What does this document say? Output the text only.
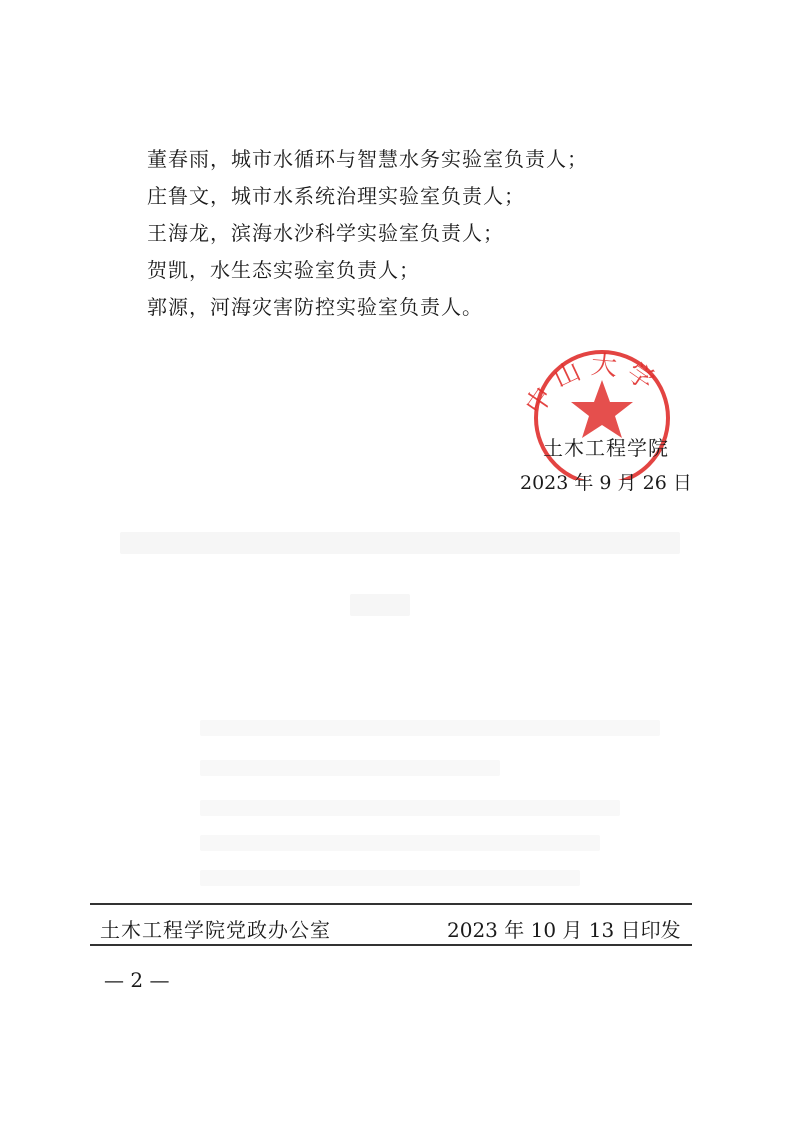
董春雨，城市水循环与智慧水务实验室负责人；
庄鲁文，城市水系统治理实验室负责人；
王海龙，滨海水沙科学实验室负责人；
贺凯，水生态实验室负责人；
郭源，河海灾害防控实验室负责人。
中山大学
土木工程学院
2023 年 9 月 26 日
土木工程学院党政办公室	2023 年 10 月 13 日印发
— 2 —
